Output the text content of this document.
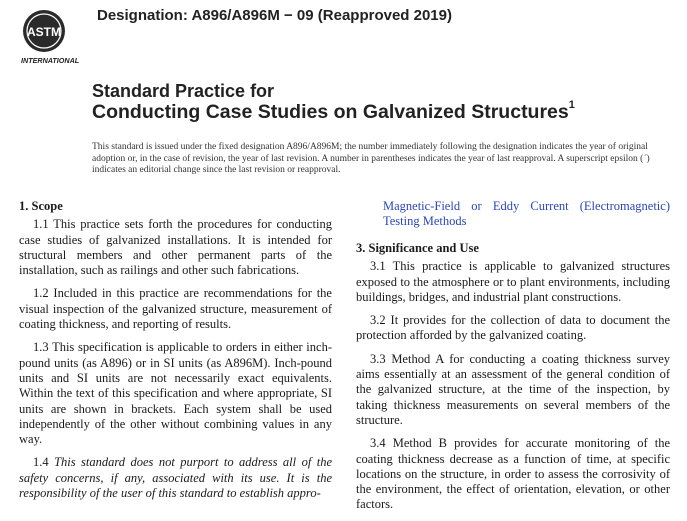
ASTM
INTERNATIONAL
Designation: A896/A896M − 09 (Reapproved 2019)
Standard Practice for
Conducting Case Studies on Galvanized Structures$^1$

This standard is issued under the fixed designation A896/A896M; the number immediately following the designation indicates the year of original adoption or, in the case of revision, the year of last revision. A number in parentheses indicates the year of last reapproval. A superscript epsilon (´) indicates an editorial change since the last revision or reapproval.

1. Scope

1.1 This practice sets forth the procedures for conducting case studies of galvanized installations. It is intended for structural members and other permanent parts of the installation, such as railings and other such fabrications.

1.2 Included in this practice are recommendations for the visual inspection of the galvanized structure, measurement of coating thickness, and reporting of results.

1.3 This specification is applicable to orders in either inch-pound units (as A896) or in SI units (as A896M). Inch-pound units and SI units are not necessarily exact equivalents. Within the text of this specification and where appropriate, SI units are shown in brackets. Each system shall be used independently of the other without combining values in any way.

1.4 This standard does not purport to address all of the safety concerns, if any, associated with its use. It is the responsibility of the user of this standard to establish appro-

Magnetic-Field or Eddy Current (Electromagnetic) Testing Methods

3. Significance and Use

3.1 This practice is applicable to galvanized structures exposed to the atmosphere or to plant environments, including buildings, bridges, and industrial plant constructions.

3.2 It provides for the collection of data to document the protection afforded by the galvanized coating.

3.3 Method A for conducting a coating thickness survey aims essentially at an assessment of the general condition of the galvanized structure, at the time of the inspection, by taking thickness measurements on several members of the structure.

3.4 Method B provides for accurate monitoring of the coating thickness decrease as a function of time, at specific locations on the structure, in order to assess the corrosivity of the environment, the effect of orientation, elevation, or other factors.
